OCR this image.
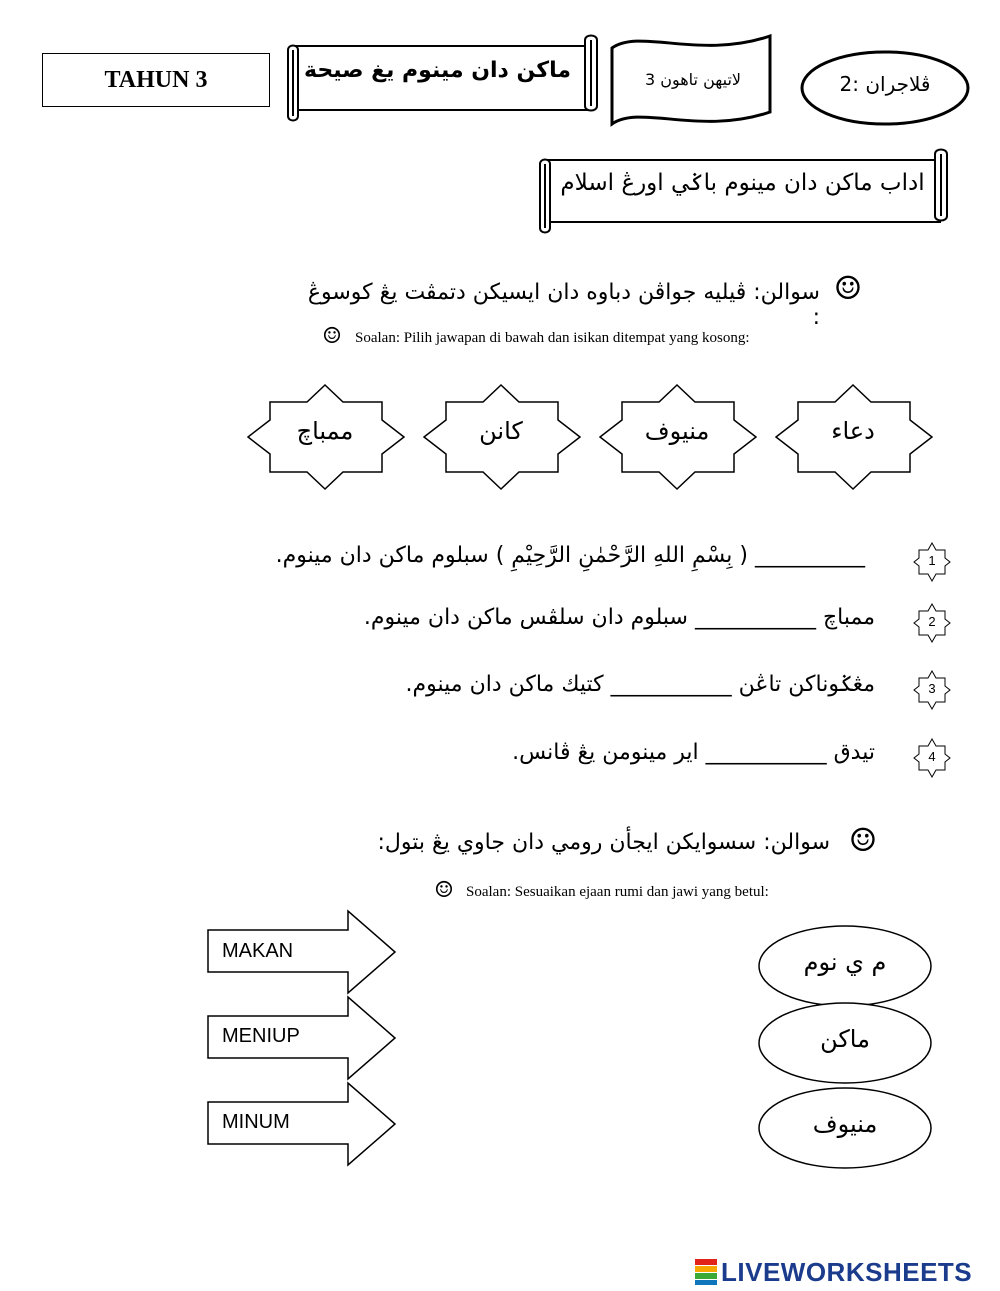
TAHUN 3	ماكن دان مينوم يغ صيحة	لاتيهن تاهون 3	ڤلاجران :2
اداب ماكن دان مينوم باݢي اورڠ اسلام
☺
سوالن: ڤيليه جواڤن دباوه دان ايسيكن دتمڤت يڠ كوسوڠ :
☺ Soalan: Pilih jawapan di bawah dan isikan ditempat yang kosong:
دعاء
منيوف
كانن
ممباچ
1
__________ ( بِسْمِ اللهِ الرَّحْمٰنِ الرَّحِيْمِ ) سبلوم ماكن دان مينوم.
2
ممباچ ___________ سبلوم دان سلڤس ماكن دان مينوم.
3
مڠݢوناكن تاڠن ___________ كتيك ماكن دان مينوم.
4
تيدق ___________ اير مينومن يڠ ڤانس.
☺
سوالن: سسوايكن ايجأن رومي دان جاوي يڠ بتول:
☺ Soalan: Sesuaikan ejaan rumi dan jawi yang betul:
MAKAN
MENIUP
MINUM
م ي نوم
ماكن
منيوف
LIVEWORKSHEETS
